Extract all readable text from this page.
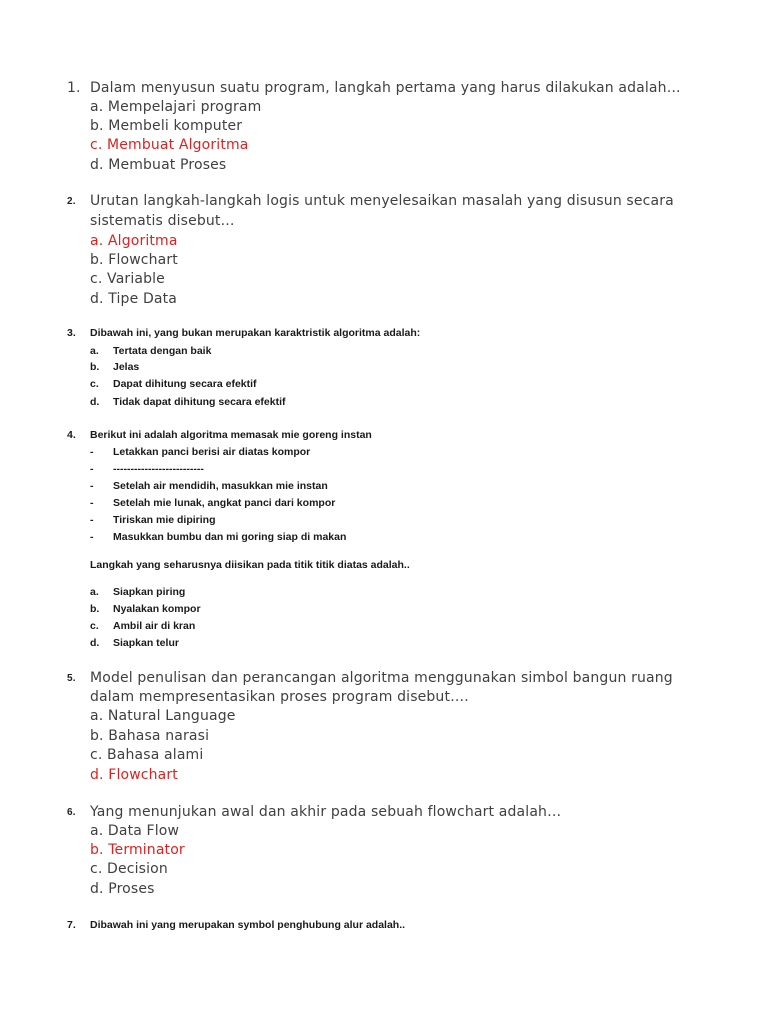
1. Dalam menyusun suatu program, langkah pertama yang harus dilakukan adalah…
a. Mempelajari program
b. Membeli komputer
c. Membuat Algoritma
d. Membuat Proses
2. Urutan langkah-langkah logis untuk menyelesaikan masalah yang disusun secara
sistematis disebut…
a. Algoritma
b. Flowchart
c. Variable
d. Tipe Data
3. Dibawah ini, yang bukan merupakan karaktristik algoritma adalah:
a. Tertata dengan baik
b. Jelas
c. Dapat dihitung secara efektif
d. Tidak dapat dihitung secara efektif
4. Berikut ini adalah algoritma memasak mie goreng instan
- Letakkan panci berisi air diatas kompor
- --------------------------
- Setelah air mendidih, masukkan mie instan
- Setelah mie lunak, angkat panci dari kompor
- Tiriskan mie dipiring
- Masukkan bumbu dan mi goring siap di makan
Langkah yang seharusnya diisikan pada titik titik diatas adalah..
a. Siapkan piring
b. Nyalakan kompor
c. Ambil air di kran
d. Siapkan telur
5. Model penulisan dan perancangan algoritma menggunakan simbol bangun ruang
dalam mempresentasikan proses program disebut….
a. Natural Language
b. Bahasa narasi
c. Bahasa alami
d. Flowchart
6. Yang menunjukan awal dan akhir pada sebuah flowchart adalah…
a. Data Flow
b. Terminator
c. Decision
d. Proses
7. Dibawah ini yang merupakan symbol penghubung alur adalah..
